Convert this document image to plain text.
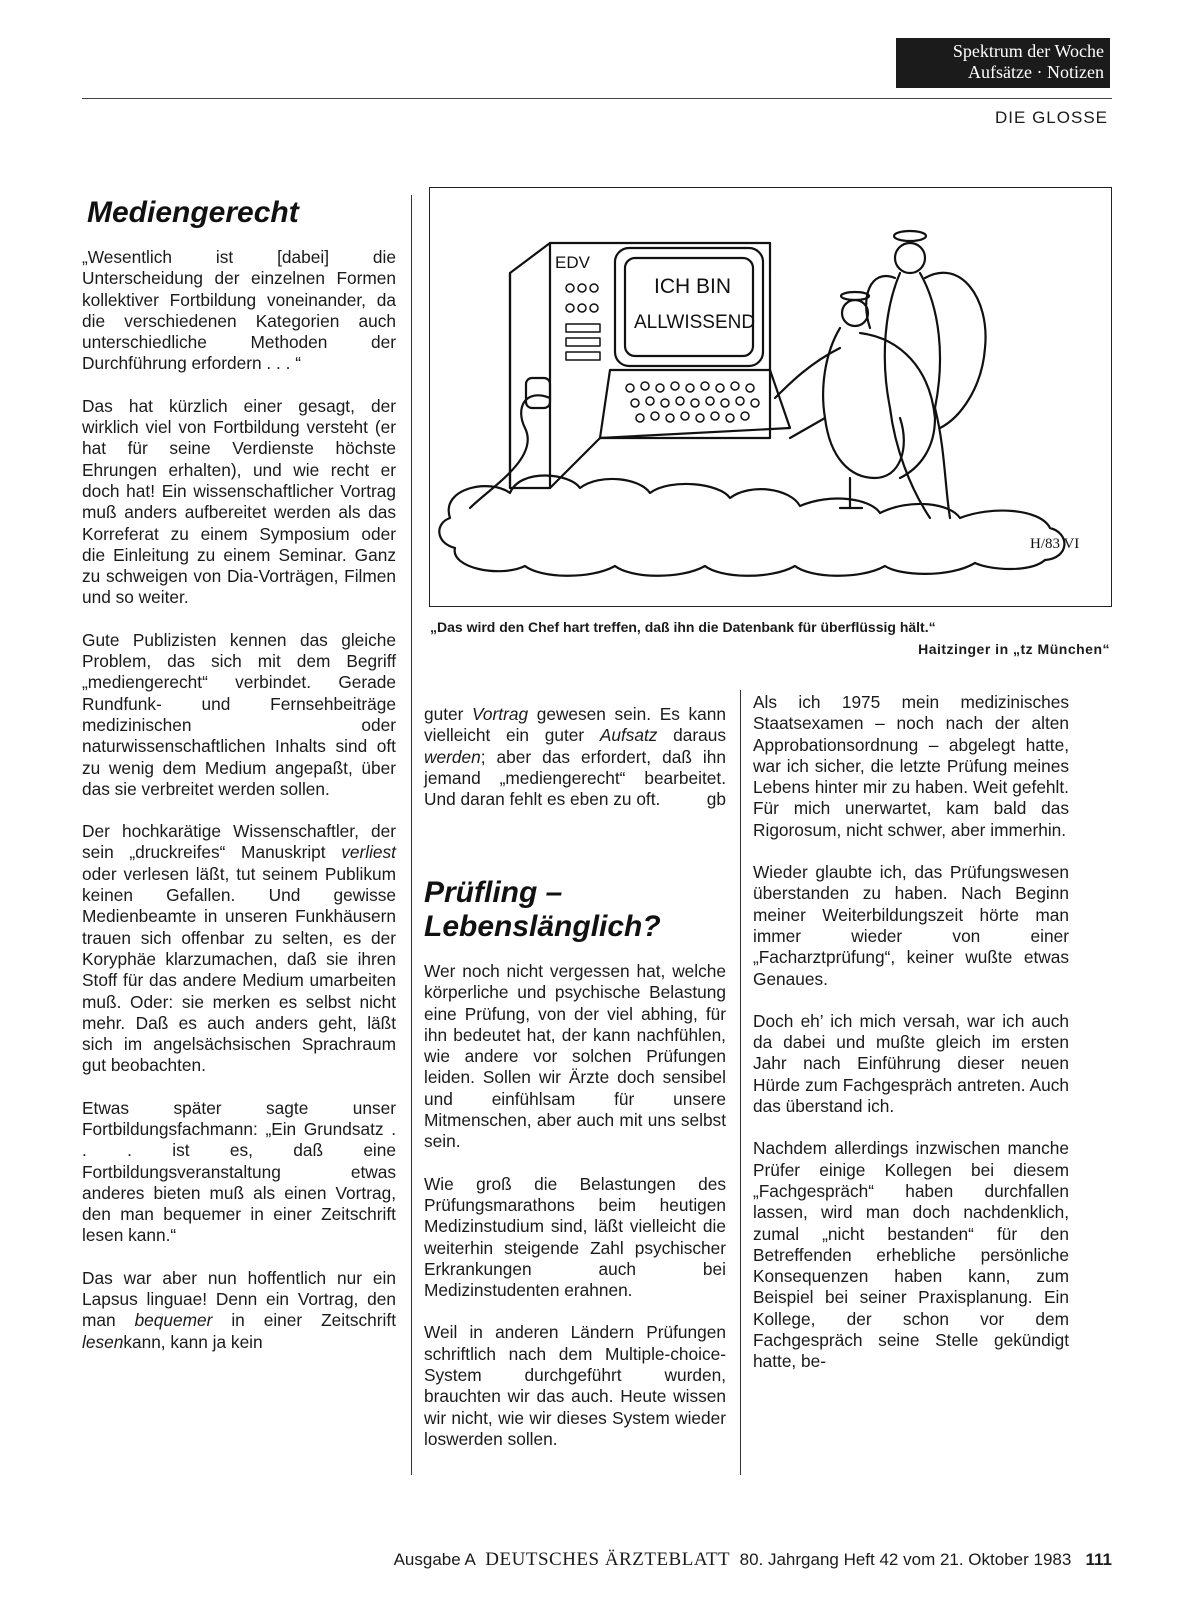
Spektrum der Woche
Aufsätze · Notizen
DIE GLOSSE
Mediengerecht

„Wesentlich ist [dabei] die Unterscheidung der einzelnen Formen kollektiver Fortbildung voneinander, da die verschiedenen Kategorien auch unterschiedliche Methoden der Durchführung erfordern . . . “

Das hat kürzlich einer gesagt, der wirklich viel von Fortbildung versteht (er hat für seine Verdienste höchste Ehrungen erhalten), und wie recht er doch hat! Ein wissenschaftlicher Vortrag muß anders aufbereitet werden als das Korreferat zu einem Symposium oder die Einleitung zu einem Seminar. Ganz zu schweigen von Dia-Vorträgen, Filmen und so weiter.

Gute Publizisten kennen das gleiche Problem, das sich mit dem Begriff „mediengerecht“ verbindet. Gerade Rundfunk- und Fernsehbeiträge medizinischen oder naturwissenschaftlichen Inhalts sind oft zu wenig dem Medium angepaßt, über das sie verbreitet werden sollen.

Der hochkarätige Wissenschaftler, der sein „druckreifes“ Manuskript verliest oder verlesen läßt, tut seinem Publikum keinen Gefallen. Und gewisse Medienbeamte in unseren Funkhäusern trauen sich offenbar zu selten, es der Koryphäe klarzumachen, daß sie ihren Stoff für das andere Medium umarbeiten muß. Oder: sie merken es selbst nicht mehr. Daß es auch anders geht, läßt sich im angelsächsischen Sprachraum gut beobachten.

Etwas später sagte unser Fortbildungsfachmann: „Ein Grundsatz . . . ist es, daß eine Fortbildungsveranstaltung etwas anderes bieten muß als einen Vortrag, den man bequemer in einer Zeitschrift lesen kann.“

Das war aber nun hoffentlich nur ein Lapsus linguae! Denn ein Vortrag, den man bequemer in einer Zeitschrift lesenkann, kann ja kein

EDV
ICH BIN
ALLWISSEND
H/83 VI
„Das wird den Chef hart treffen, daß ihn die Datenbank für überflüssig hält.“
Haitzinger in „tz München“

guter Vortrag gewesen sein. Es kann vielleicht ein guter Aufsatz daraus werden; aber das erfordert, daß ihn jemand „mediengerecht“ bearbeitet. Und daran fehlt es eben zu oft.	gb

Prüfling –
Lebenslänglich?

Wer noch nicht vergessen hat, welche körperliche und psychische Belastung eine Prüfung, von der viel abhing, für ihn bedeutet hat, der kann nachfühlen, wie andere vor solchen Prüfungen leiden. Sollen wir Ärzte doch sensibel und einfühlsam für unsere Mitmenschen, aber auch mit uns selbst sein.

Wie groß die Belastungen des Prüfungsmarathons beim heutigen Medizinstudium sind, läßt vielleicht die weiterhin steigende Zahl psychischer Erkrankungen auch bei Medizinstudenten erahnen.

Weil in anderen Ländern Prüfungen schriftlich nach dem Multiple-choice-System durchgeführt wurden, brauchten wir das auch. Heute wissen wir nicht, wie wir dieses System wieder loswerden sollen.

Als ich 1975 mein medizinisches Staatsexamen – noch nach der alten Approbationsordnung – abgelegt hatte, war ich sicher, die letzte Prüfung meines Lebens hinter mir zu haben. Weit gefehlt. Für mich unerwartet, kam bald das Rigorosum, nicht schwer, aber immerhin.

Wieder glaubte ich, das Prüfungswesen überstanden zu haben. Nach Beginn meiner Weiterbildungszeit hörte man immer wieder von einer „Facharztprüfung“, keiner wußte etwas Genaues.

Doch eh’ ich mich versah, war ich auch da dabei und mußte gleich im ersten Jahr nach Einführung dieser neuen Hürde zum Fachgespräch antreten. Auch das überstand ich.

Nachdem allerdings inzwischen manche Prüfer einige Kollegen bei diesem „Fachgespräch“ haben durchfallen lassen, wird man doch nachdenklich, zumal „nicht bestanden“ für den Betreffenden erhebliche persönliche Konsequenzen haben kann, zum Beispiel bei seiner Praxisplanung. Ein Kollege, der schon vor dem Fachgespräch seine Stelle gekündigt hatte, be-

Ausgabe A DEUTSCHES ÄRZTEBLATT 80. Jahrgang Heft 42 vom 21. Oktober 1983 111
